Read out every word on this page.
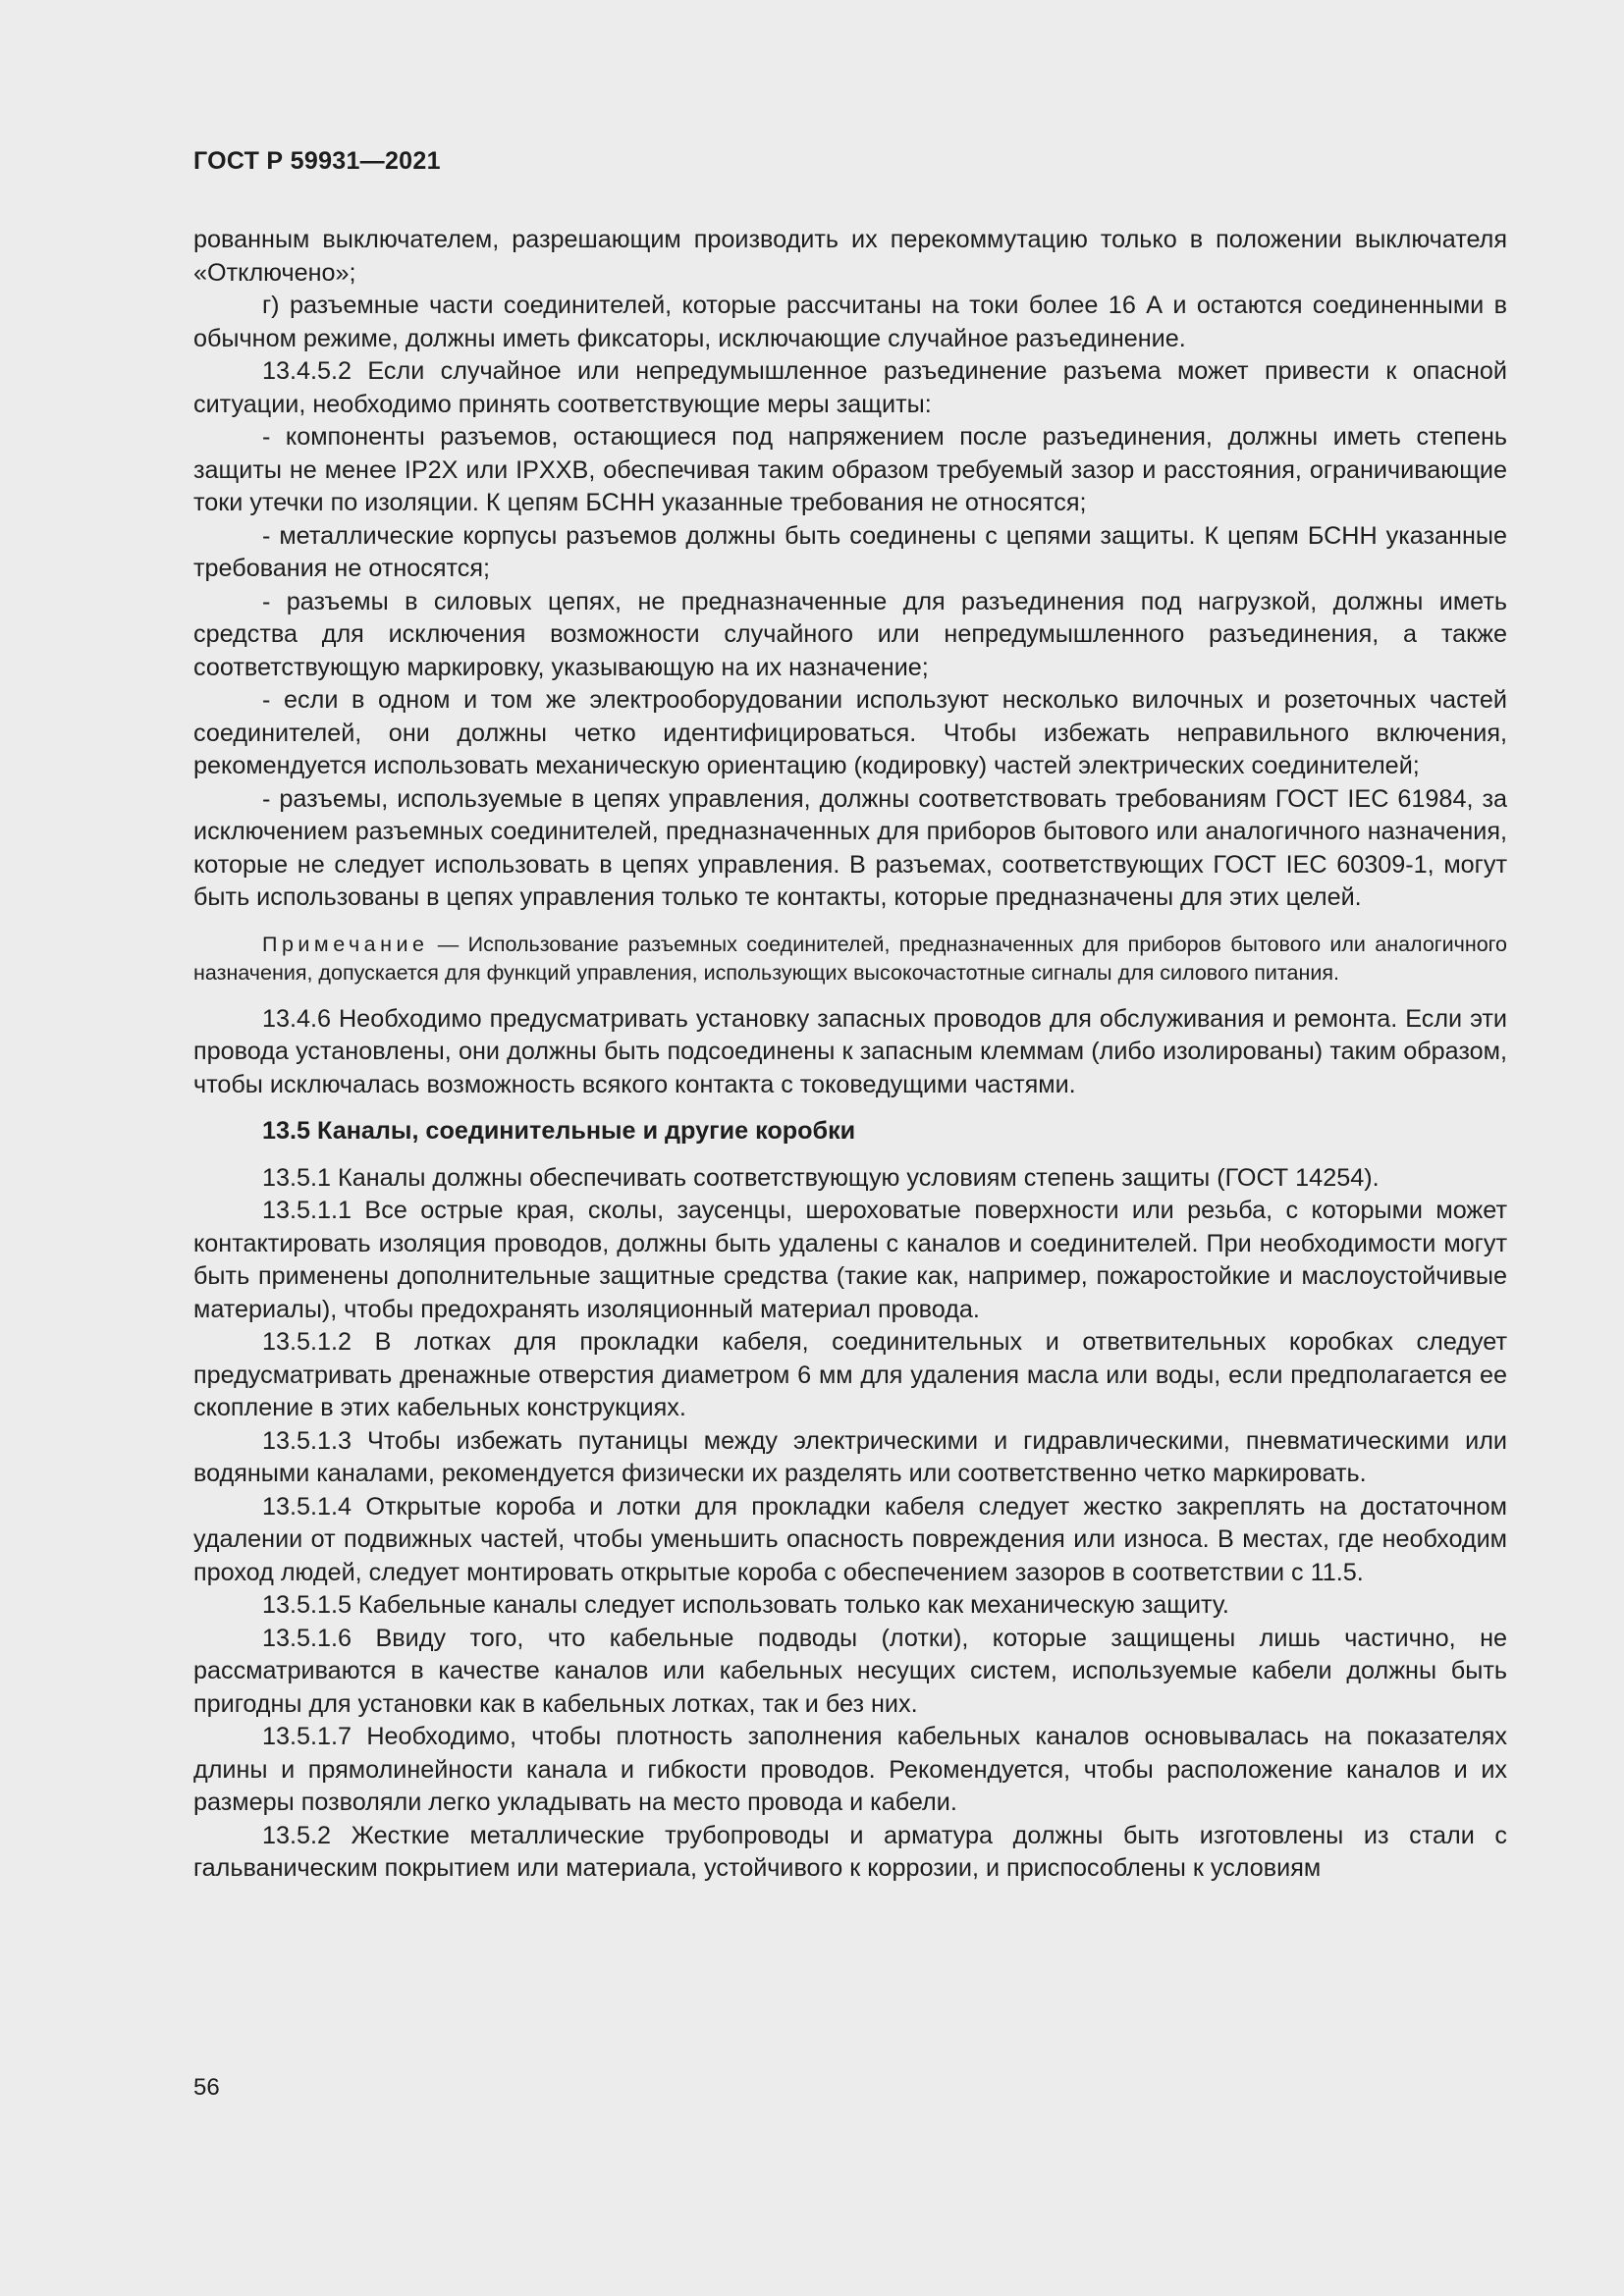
ГОСТ Р 59931—2021

рованным выключателем, разрешающим производить их перекоммутацию только в положении выключателя «Отключено»;

г) разъемные части соединителей, которые рассчитаны на токи более 16 А и остаются соединенными в обычном режиме, должны иметь фиксаторы, исключающие случайное разъединение.

13.4.5.2 Если случайное или непредумышленное разъединение разъема может привести к опасной ситуации, необходимо принять соответствующие меры защиты:

- компоненты разъемов, остающиеся под напряжением после разъединения, должны иметь степень защиты не менее IP2X или IPXXB, обеспечивая таким образом требуемый зазор и расстояния, ограничивающие токи утечки по изоляции. К цепям БСНН указанные требования не относятся;

- металлические корпусы разъемов должны быть соединены с цепями защиты. К цепям БСНН указанные требования не относятся;

- разъемы в силовых цепях, не предназначенные для разъединения под нагрузкой, должны иметь средства для исключения возможности случайного или непредумышленного разъединения, а также соответствующую маркировку, указывающую на их назначение;

- если в одном и том же электрооборудовании используют несколько вилочных и розеточных частей соединителей, они должны четко идентифицироваться. Чтобы избежать неправильного включения, рекомендуется использовать механическую ориентацию (кодировку) частей электрических соединителей;

- разъемы, используемые в цепях управления, должны соответствовать требованиям ГОСТ IEC 61984, за исключением разъемных соединителей, предназначенных для приборов бытового или аналогичного назначения, которые не следует использовать в цепях управления. В разъемах, соответствующих ГОСТ IEC 60309-1, могут быть использованы в цепях управления только те контакты, которые предназначены для этих целей.

Примечание — Использование разъемных соединителей, предназначенных для приборов бытового или аналогичного назначения, допускается для функций управления, использующих высокочастотные сигналы для силового питания.

13.4.6 Необходимо предусматривать установку запасных проводов для обслуживания и ремонта. Если эти провода установлены, они должны быть подсоединены к запасным клеммам (либо изолированы) таким образом, чтобы исключалась возможность всякого контакта с токоведущими частями.

13.5 Каналы, соединительные и другие коробки

13.5.1 Каналы должны обеспечивать соответствующую условиям степень защиты (ГОСТ 14254).

13.5.1.1 Все острые края, сколы, заусенцы, шероховатые поверхности или резьба, с которыми может контактировать изоляция проводов, должны быть удалены с каналов и соединителей. При необходимости могут быть применены дополнительные защитные средства (такие как, например, пожаростойкие и маслоустойчивые материалы), чтобы предохранять изоляционный материал провода.

13.5.1.2 В лотках для прокладки кабеля, соединительных и ответвительных коробках следует предусматривать дренажные отверстия диаметром 6 мм для удаления масла или воды, если предполагается ее скопление в этих кабельных конструкциях.

13.5.1.3 Чтобы избежать путаницы между электрическими и гидравлическими, пневматическими или водяными каналами, рекомендуется физически их разделять или соответственно четко маркировать.

13.5.1.4 Открытые короба и лотки для прокладки кабеля следует жестко закреплять на достаточном удалении от подвижных частей, чтобы уменьшить опасность повреждения или износа. В местах, где необходим проход людей, следует монтировать открытые короба с обеспечением зазоров в соответствии с 11.5.

13.5.1.5 Кабельные каналы следует использовать только как механическую защиту.

13.5.1.6 Ввиду того, что кабельные подводы (лотки), которые защищены лишь частично, не рассматриваются в качестве каналов или кабельных несущих систем, используемые кабели должны быть пригодны для установки как в кабельных лотках, так и без них.

13.5.1.7 Необходимо, чтобы плотность заполнения кабельных каналов основывалась на показателях длины и прямолинейности канала и гибкости проводов. Рекомендуется, чтобы расположение каналов и их размеры позволяли легко укладывать на место провода и кабели.

13.5.2 Жесткие металлические трубопроводы и арматура должны быть изготовлены из стали с гальваническим покрытием или материала, устойчивого к коррозии, и приспособлены к условиям

56
